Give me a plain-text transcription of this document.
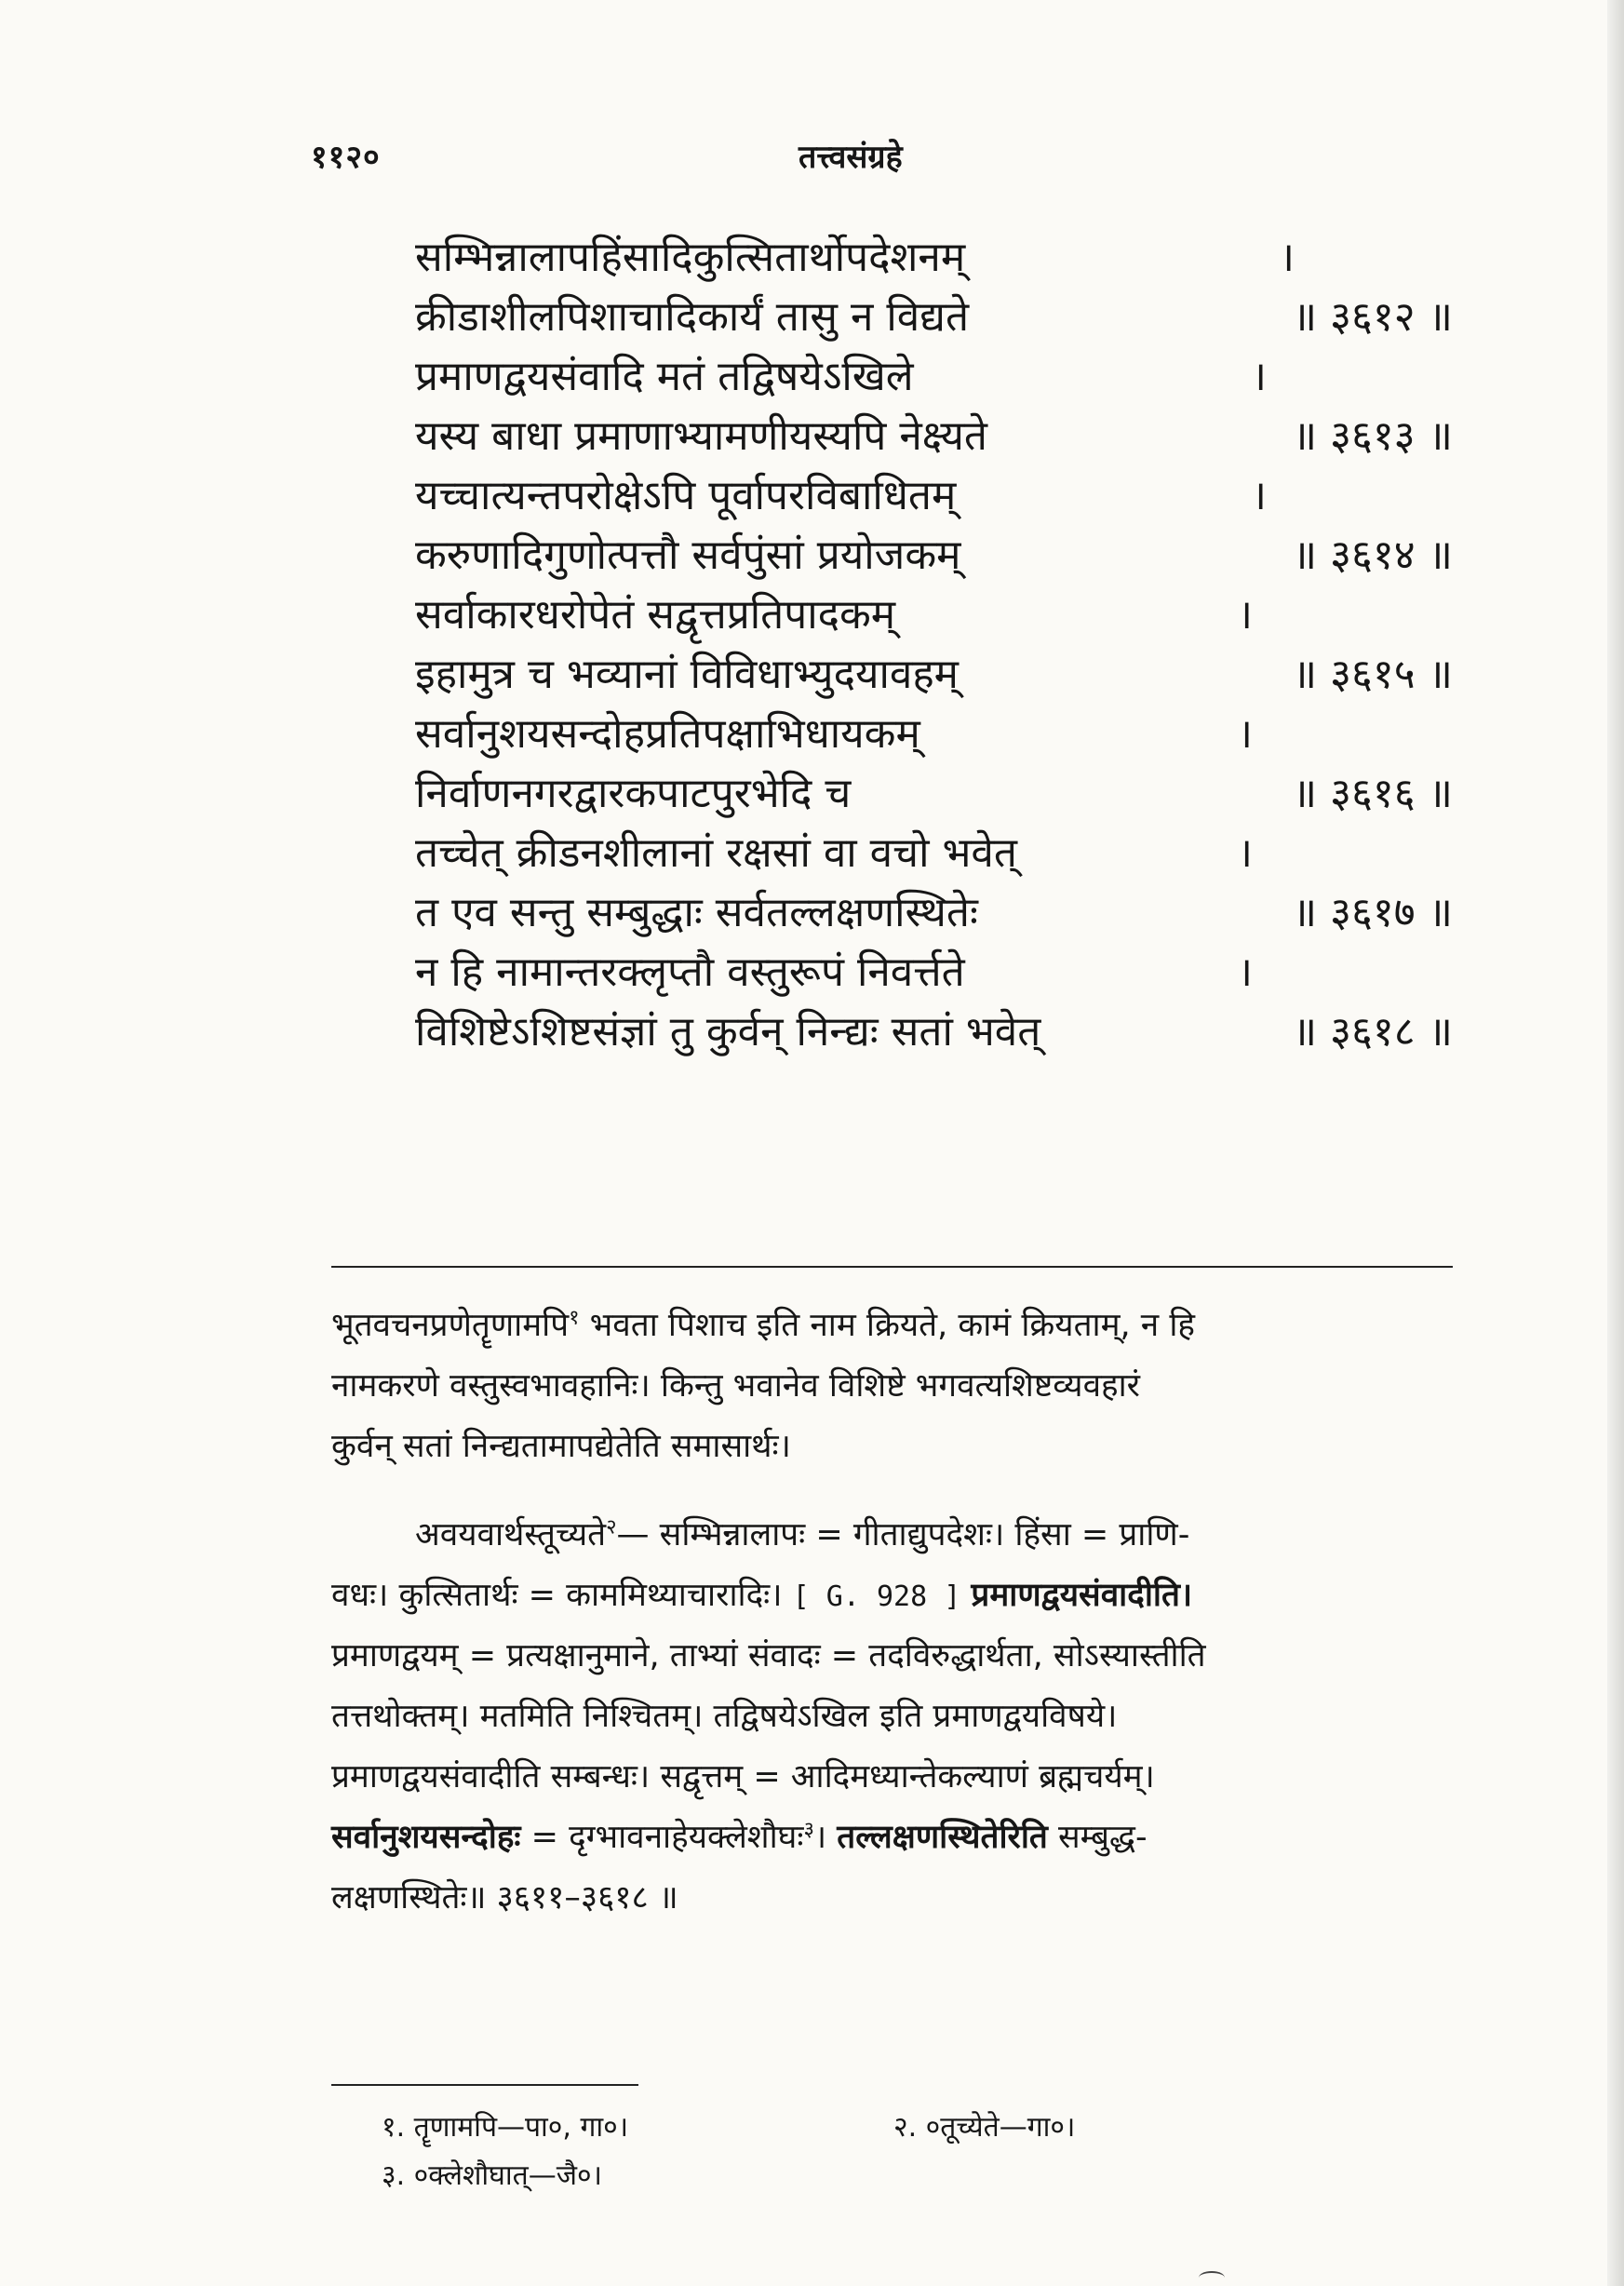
११२०	तत्त्वसंग्रहे
सम्भिन्नालापहिंसादिकुत्सितार्थोपदेशनम्	।
क्रीडाशीलपिशाचादिकार्यं तासु न विद्यते	॥ ३६१२ ॥
प्रमाणद्वयसंवादि मतं तद्विषयेऽखिले	।
यस्य बाधा प्रमाणाभ्यामणीयस्यपि नेक्ष्यते	॥ ३६१३ ॥
यच्चात्यन्तपरोक्षेऽपि पूर्वापरविबाधितम्	।
करुणादिगुणोत्पत्तौ सर्वपुंसां प्रयोजकम्	॥ ३६१४ ॥
सर्वाकारधरोपेतं सद्वृत्तप्रतिपादकम्	।
इहामुत्र च भव्यानां विविधाभ्युदयावहम्	॥ ३६१५ ॥
सर्वानुशयसन्दोहप्रतिपक्षाभिधायकम्	।
निर्वाणनगरद्वारकपाटपुरभेदि च	॥ ३६१६ ॥
तच्चेत् क्रीडनशीलानां रक्षसां वा वचो भवेत्	।
त एव सन्तु सम्बुद्धाः सर्वतल्लक्षणस्थितेः	॥ ३६१७ ॥
न हि नामान्तरक्लृप्तौ वस्तुरूपं निवर्त्तते	।
विशिष्टेऽशिष्टसंज्ञां तु कुर्वन् निन्द्यः सतां भवेत्	॥ ३६१८ ॥
भूतवचनप्रणेतॄणामपि$^१$ भवता पिशाच इति नाम क्रियते, कामं क्रियताम्, न हि
नामकरणे वस्तुस्वभावहानिः। किन्तु भवानेव विशिष्टे भगवत्यशिष्टव्यवहारं
कुर्वन् सतां निन्द्यतामापद्येतेति समासार्थः।
अवयवार्थस्तूच्यते$^२$— सम्भिन्नालापः = गीताद्युपदेशः। हिंसा = प्राणि-
वधः। कुत्सितार्थः = काममिथ्याचारादिः। [ G. 928 ] प्रमाणद्वयसंवादीति।
प्रमाणद्वयम् = प्रत्यक्षानुमाने, ताभ्यां संवादः = तदविरुद्धार्थता, सोऽस्यास्तीति
तत्तथोक्तम्। मतमिति निश्चितम्। तद्विषयेऽखिल इति प्रमाणद्वयविषये।
प्रमाणद्वयसंवादीति सम्बन्धः। सद्वृत्तम् = आदिमध्यान्तेकल्याणं ब्रह्मचर्यम्।
सर्वानुशयसन्दोहः = दृग्भावनाहेयक्लेशौघः$^३$। तल्लक्षणस्थितेरिति सम्बुद्ध-
लक्षणस्थितेः॥ ३६११–३६१८ ॥
१. तॄणामपि—पा०, गा०।	२. ०तूच्येते—गा०।
३. ०क्लेशौघात्—जै०।
